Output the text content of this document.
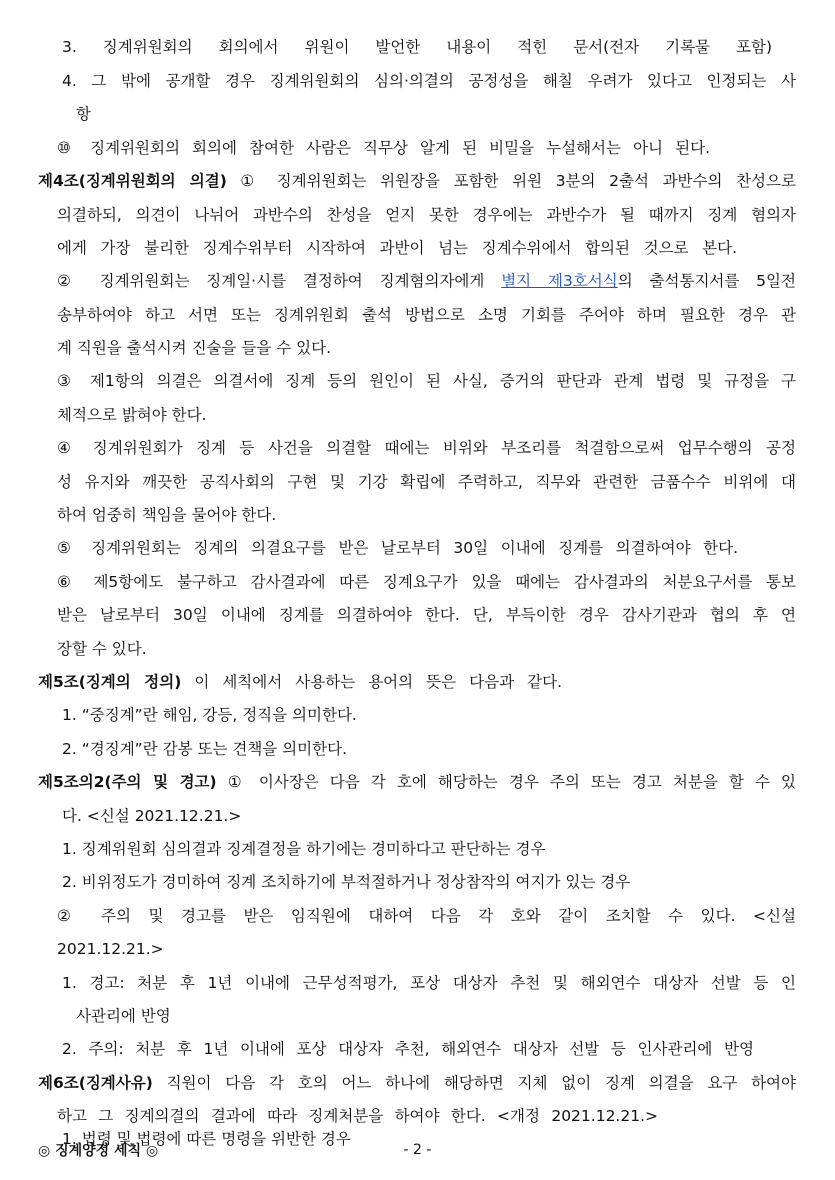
3. 징계위원회의 회의에서 위원이 발언한 내용이 적힌 문서(전자 기록물 포함)
4. 그 밖에 공개할 경우 징계위원회의 심의·의결의 공정성을 해칠 우려가 있다고 인정되는 사
항
⑩ 징계위원회의 회의에 참여한 사람은 직무상 알게 된 비밀을 누설해서는 아니 된다.
제4조(징계위원회의 의결) ① 징계위원회는 위원장을 포함한 위원 3분의 2출석 과반수의 찬성으로
의결하되, 의견이 나뉘어 과반수의 찬성을 얻지 못한 경우에는 과반수가 될 때까지 징계 혐의자
에게 가장 불리한 징계수위부터 시작하여 과반이 넘는 징계수위에서 합의된 것으로 본다.
② 징계위원회는 징계일·시를 결정하여 징계혐의자에게 별지 제3호서식의 출석통지서를 5일전
송부하여야 하고 서면 또는 징계위원회 출석 방법으로 소명 기회를 주어야 하며 필요한 경우 관
계 직원을 출석시켜 진술을 들을 수 있다.
③ 제1항의 의결은 의결서에 징계 등의 원인이 된 사실, 증거의 판단과 관계 법령 및 규정을 구
체적으로 밝혀야 한다.
④ 징계위원회가 징계 등 사건을 의결할 때에는 비위와 부조리를 척결함으로써 업무수행의 공정
성 유지와 깨끗한 공직사회의 구현 및 기강 확립에 주력하고, 직무와 관련한 금품수수 비위에 대
하여 엄중히 책임을 물어야 한다.
⑤ 징계위원회는 징계의 의결요구를 받은 날로부터 30일 이내에 징계를 의결하여야 한다.
⑥ 제5항에도 불구하고 감사결과에 따른 징계요구가 있을 때에는 감사결과의 처분요구서를 통보
받은 날로부터 30일 이내에 징계를 의결하여야 한다. 단, 부득이한 경우 감사기관과 협의 후 연
장할 수 있다.
제5조(징계의 정의) 이 세칙에서 사용하는 용어의 뜻은 다음과 같다.
1. “중징계”란 해임, 강등, 정직을 의미한다.
2. “경징계”란 감봉 또는 견책을 의미한다.
제5조의2(주의 및 경고) ① 이사장은 다음 각 호에 해당하는 경우 주의 또는 경고 처분을 할 수 있
다. <신설 2021.12.21.>
1. 징계위원회 심의결과 징계결정을 하기에는 경미하다고 판단하는 경우
2. 비위정도가 경미하여 징계 조치하기에 부적절하거나 정상참작의 여지가 있는 경우
② 주의 및 경고를 받은 임직원에 대하여 다음 각 호와 같이 조치할 수 있다. <신설
2021.12.21.>
1. 경고: 처분 후 1년 이내에 근무성적평가, 포상 대상자 추천 및 해외연수 대상자 선발 등 인
사관리에 반영
2. 주의: 처분 후 1년 이내에 포상 대상자 추천, 해외연수 대상자 선발 등 인사관리에 반영
제6조(징계사유) 직원이 다음 각 호의 어느 하나에 해당하면 지체 없이 징계 의결을 요구 하여야
하고 그 징계의결의 결과에 따라 징계처분을 하여야 한다. <개정 2021.12.21.>
1. 법령 및 법령에 따른 명령을 위반한 경우
◎ 징계양정 세칙 ◎	- 2 -
